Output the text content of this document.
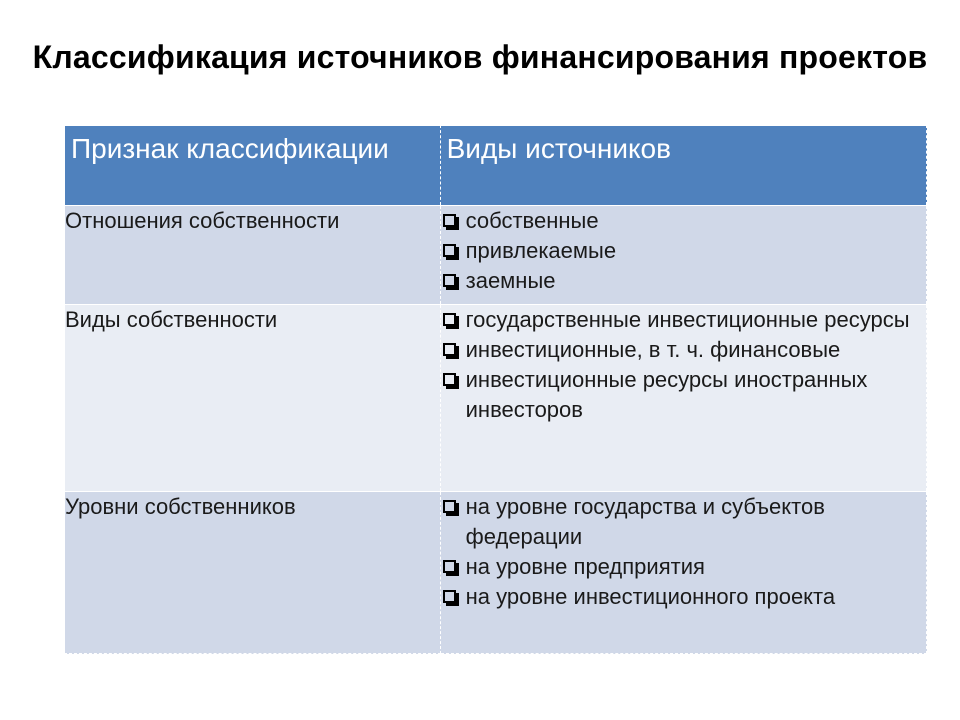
Классификация источников финансирования проектов
Признак классификации	Виды источников
Отношения собственности	собственные
привлекаемые
заемные

Виды собственности	государственные инвестиционные ресурсы
инвестиционные, в т. ч. финансовые
инвестиционные ресурсы иностранных инвесторов

Уровни собственников	на уровне государства и субъектов федерации
на уровне предприятия
на уровне инвестиционного проекта
